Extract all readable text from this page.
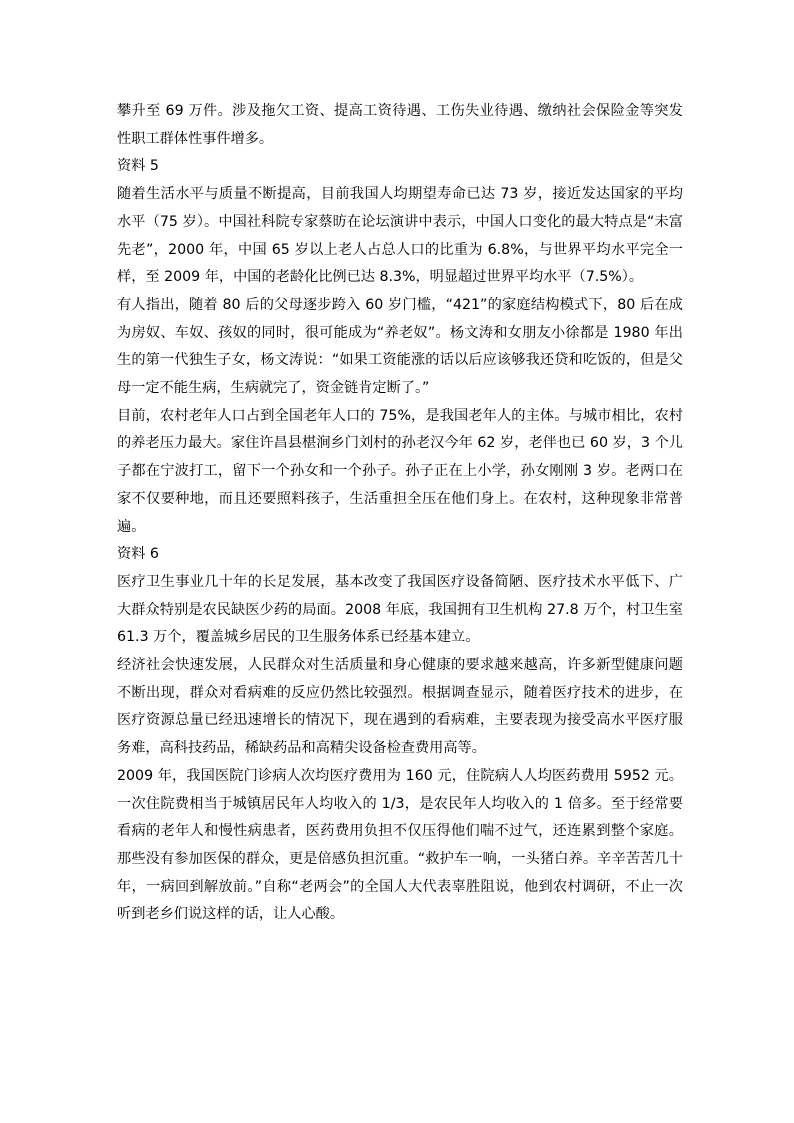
攀升至 69 万件。涉及拖欠工资、提高工资待遇、工伤失业待遇、缴纳社会保险金等突发性职工群体性事件增多。

资料 5

随着生活水平与质量不断提高，目前我国人均期望寿命已达 73 岁，接近发达国家的平均水平（75 岁）。中国社科院专家蔡昉在论坛演讲中表示，中国人口变化的最大特点是“未富先老”，2000 年，中国 65 岁以上老人占总人口的比重为 6.8%，与世界平均水平完全一样，至 2009 年，中国的老龄化比例已达 8.3%，明显超过世界平均水平（7.5%）。

有人指出，随着 80 后的父母逐步跨入 60 岁门槛，“421”的家庭结构模式下，80 后在成为房奴、车奴、孩奴的同时，很可能成为“养老奴”。杨文涛和女朋友小徐都是 1980 年出生的第一代独生子女，杨文涛说：“如果工资能涨的话以后应该够我还贷和吃饭的，但是父母一定不能生病，生病就完了，资金链肯定断了。”

目前，农村老年人口占到全国老年人口的 75%，是我国老年人的主体。与城市相比，农村的养老压力最大。家住许昌县椹涧乡门刘村的孙老汉今年 62 岁，老伴也已 60 岁，3 个儿子都在宁波打工，留下一个孙女和一个孙子。孙子正在上小学，孙女刚刚 3 岁。老两口在家不仅要种地，而且还要照料孩子，生活重担全压在他们身上。在农村，这种现象非常普遍。

资料 6

医疗卫生事业几十年的长足发展，基本改变了我国医疗设备简陋、医疗技术水平低下、广大群众特别是农民缺医少药的局面。2008 年底，我国拥有卫生机构 27.8 万个，村卫生室 61.3 万个，覆盖城乡居民的卫生服务体系已经基本建立。

经济社会快速发展，人民群众对生活质量和身心健康的要求越来越高，许多新型健康问题不断出现，群众对看病难的反应仍然比较强烈。根据调查显示，随着医疗技术的进步，在医疗资源总量已经迅速增长的情况下，现在遇到的看病难，主要表现为接受高水平医疗服务难，高科技药品，稀缺药品和高精尖设备检查费用高等。

2009 年，我国医院门诊病人次均医疗费用为 160 元，住院病人人均医药费用 5952 元。一次住院费相当于城镇居民年人均收入的 1/3，是农民年人均收入的 1 倍多。至于经常要看病的老年人和慢性病患者，医药费用负担不仅压得他们喘不过气，还连累到整个家庭。那些没有参加医保的群众，更是倍感负担沉重。“救护车一响，一头猪白养。辛辛苦苦几十年，一病回到解放前。”自称“老两会”的全国人大代表辜胜阻说，他到农村调研，不止一次听到老乡们说这样的话，让人心酸。
